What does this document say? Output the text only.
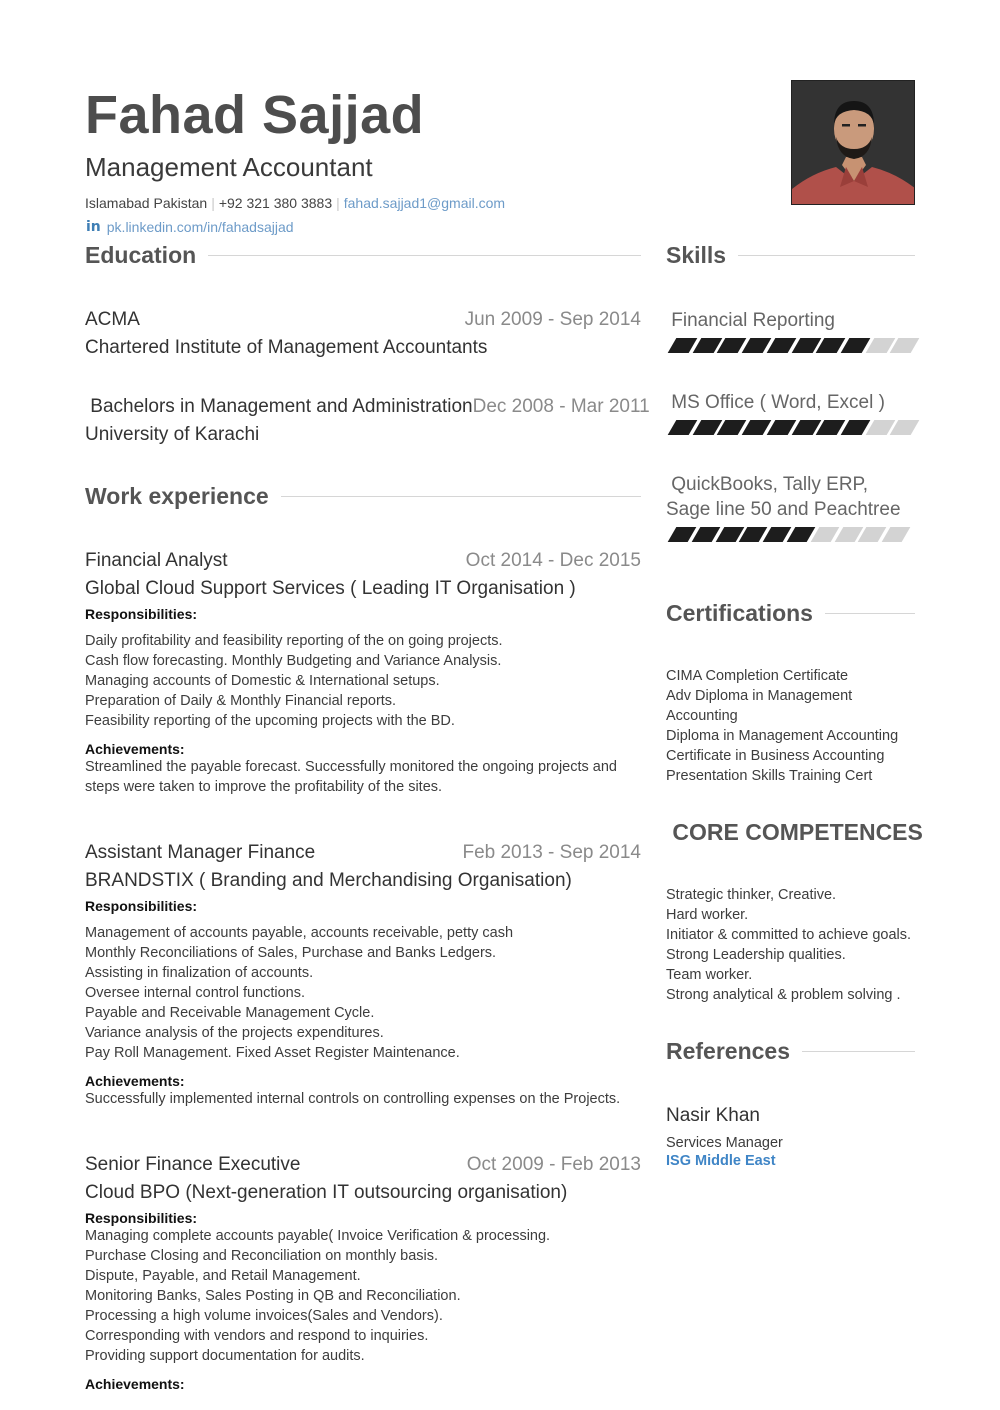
Fahad Sajjad
Management Accountant
Islamabad Pakistan | +92 321 380 3883 | fahad.sajjad1@gmail.com
in pk.linkedin.com/in/fahadsajjad
Education
ACMA	Jun 2009 - Sep 2014
Chartered Institute of Management Accountants
Bachelors in Management and Administration Dec 2008 - Mar 2011
University of Karachi
Work experience
Financial Analyst	Oct 2014 - Dec 2015
Global Cloud Support Services ( Leading IT Organisation )
Responsibilities:
Daily profitability and feasibility reporting of the on going projects.
Cash flow forecasting. Monthly Budgeting and Variance Analysis.
Managing accounts of Domestic & International setups.
Preparation of Daily & Monthly Financial reports.
Feasibility reporting of the upcoming projects with the BD.
Achievements:
Streamlined the payable forecast. Successfully monitored the ongoing projects and
steps were taken to improve the profitability of the sites.
Assistant Manager Finance	Feb 2013 - Sep 2014
BRANDSTIX ( Branding and Merchandising Organisation)
Responsibilities:
Management of accounts payable, accounts receivable, petty cash
Monthly Reconciliations of Sales, Purchase and Banks Ledgers.
Assisting in finalization of accounts.
Oversee internal control functions.
Payable and Receivable Management Cycle.
Variance analysis of the projects expenditures.
Pay Roll Management. Fixed Asset Register Maintenance.
Achievements:
Successfully implemented internal controls on controlling expenses on the Projects.
Senior Finance Executive	Oct 2009 - Feb 2013
Cloud BPO (Next-generation IT outsourcing organisation)
Responsibilities:
Managing complete accounts payable( Invoice Verification & processing.
Purchase Closing and Reconciliation on monthly basis.
Dispute, Payable, and Retail Management.
Monitoring Banks, Sales Posting in QB and Reconciliation.
Processing a high volume invoices(Sales and Vendors).
Corresponding with vendors and respond to inquiries.
Providing support documentation for audits.
Achievements:
Skills
Financial Reporting
MS Office ( Word, Excel )
QuickBooks, Tally ERP, Sage line 50 and Peachtree
Certifications
CIMA Completion Certificate
Adv Diploma in Management Accounting
Diploma in Management Accounting
Certificate in Business Accounting
Presentation Skills Training Cert
CORE COMPETENCES
Strategic thinker, Creative.
Hard worker.
Initiator & committed to achieve goals.
Strong Leadership qualities.
Team worker.
Strong analytical & problem solving .
References
Nasir Khan
Services Manager
ISG Middle East
